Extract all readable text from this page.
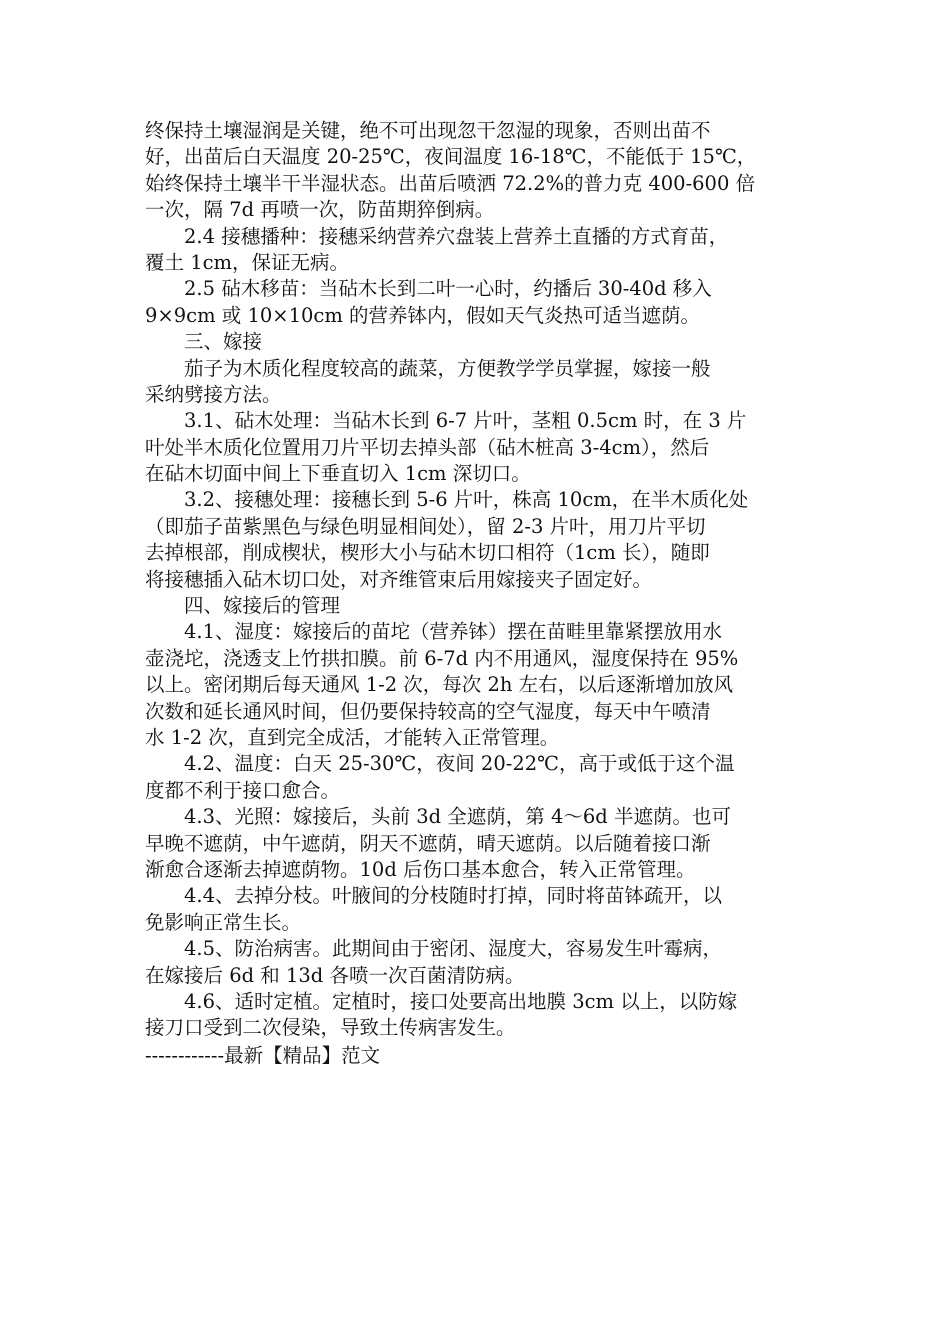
终保持土壤湿润是关键，绝不可出现忽干忽湿的现象，否则出苗不
好，出苗后白天温度 20-25℃，夜间温度 16-18℃，不能低于 15℃，
始终保持土壤半干半湿状态。出苗后喷洒 72.2%的普力克 400-600 倍
一次，隔 7d 再喷一次，防苗期猝倒病。
　　2.4 接穗播种：接穗采纳营养穴盘装上营养土直播的方式育苗，
覆土 1cm，保证无病。
　　2.5 砧木移苗：当砧木长到二叶一心时，约播后 30-40d 移入
9×9cm 或 10×10cm 的营养钵内，假如天气炎热可适当遮荫。
　　三、嫁接
　　茄子为木质化程度较高的蔬菜，方便教学学员掌握，嫁接一般
采纳劈接方法。
　　3.1、砧木处理：当砧木长到 6-7 片叶，茎粗 0.5cm 时，在 3 片
叶处半木质化位置用刀片平切去掉头部（砧木桩高 3-4cm），然后
在砧木切面中间上下垂直切入 1cm 深切口。
　　3.2、接穗处理：接穗长到 5-6 片叶，株高 10cm，在半木质化处
（即茄子苗紫黑色与绿色明显相间处），留 2-3 片叶，用刀片平切
去掉根部，削成楔状，楔形大小与砧木切口相符（1cm 长），随即
将接穗插入砧木切口处，对齐维管束后用嫁接夹子固定好。
　　四、嫁接后的管理
　　4.1、湿度：嫁接后的苗坨（营养钵）摆在苗畦里靠紧摆放用水
壶浇坨，浇透支上竹拱扣膜。前 6-7d 内不用通风，湿度保持在 95%
以上。密闭期后每天通风 1-2 次，每次 2h 左右，以后逐渐增加放风
次数和延长通风时间，但仍要保持较高的空气湿度，每天中午喷清
水 1-2 次，直到完全成活，才能转入正常管理。
　　4.2、温度：白天 25-30℃，夜间 20-22℃，高于或低于这个温
度都不利于接口愈合。
　　4.3、光照：嫁接后，头前 3d 全遮荫，第 4～6d 半遮荫。也可
早晚不遮荫，中午遮荫，阴天不遮荫，晴天遮荫。以后随着接口渐
渐愈合逐渐去掉遮荫物。10d 后伤口基本愈合，转入正常管理。
　　4.4、去掉分枝。叶腋间的分枝随时打掉，同时将苗钵疏开，以
免影响正常生长。
　　4.5、防治病害。此期间由于密闭、湿度大，容易发生叶霉病，
在嫁接后 6d 和 13d 各喷一次百菌清防病。
　　4.6、适时定植。定植时，接口处要高出地膜 3cm 以上，以防嫁
接刀口受到二次侵染，导致土传病害发生。
------------最新【精品】范文
